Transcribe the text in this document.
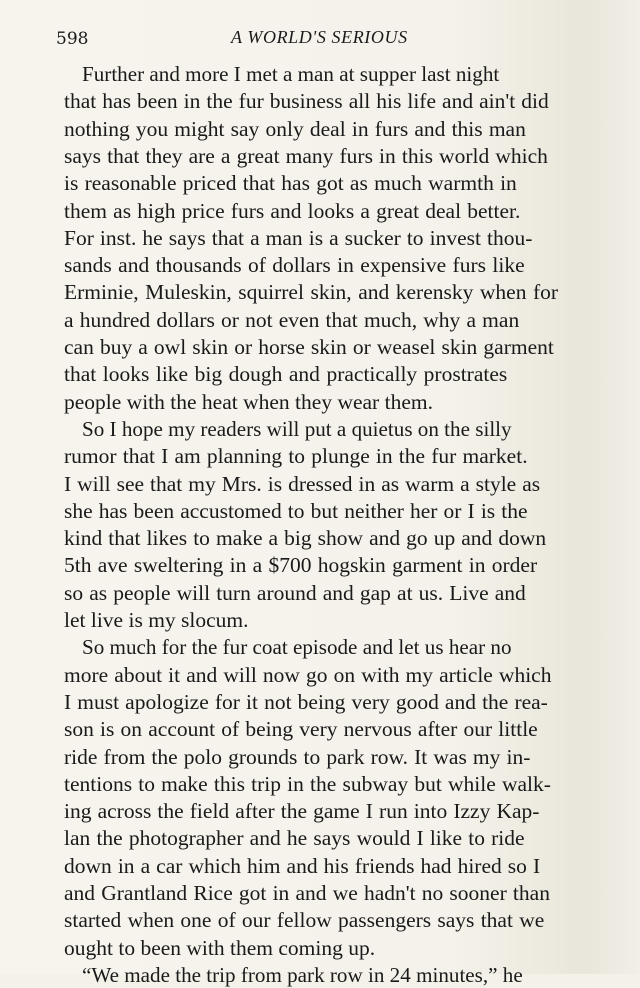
598	A WORLD'S SERIOUS
Further and more I met a man at supper last night
that has been in the fur business all his life and ain't did
nothing you might say only deal in furs and this man
says that they are a great many furs in this world which
is reasonable priced that has got as much warmth in
them as high price furs and looks a great deal better.
For inst. he says that a man is a sucker to invest thou-
sands and thousands of dollars in expensive furs like
Erminie, Muleskin, squirrel skin, and kerensky when for
a hundred dollars or not even that much, why a man
can buy a owl skin or horse skin or weasel skin garment
that looks like big dough and practically prostrates
people with the heat when they wear them.
So I hope my readers will put a quietus on the silly
rumor that I am planning to plunge in the fur market.
I will see that my Mrs. is dressed in as warm a style as
she has been accustomed to but neither her or I is the
kind that likes to make a big show and go up and down
5th ave sweltering in a $700 hogskin garment in order
so as people will turn around and gap at us. Live and
let live is my slocum.
So much for the fur coat episode and let us hear no
more about it and will now go on with my article which
I must apologize for it not being very good and the rea-
son is on account of being very nervous after our little
ride from the polo grounds to park row. It was my in-
tentions to make this trip in the subway but while walk-
ing across the field after the game I run into Izzy Kap-
lan the photographer and he says would I like to ride
down in a car which him and his friends had hired so I
and Grantland Rice got in and we hadn't no sooner than
started when one of our fellow passengers says that we
ought to been with them coming up.
“We made the trip from park row in 24 minutes,” he
